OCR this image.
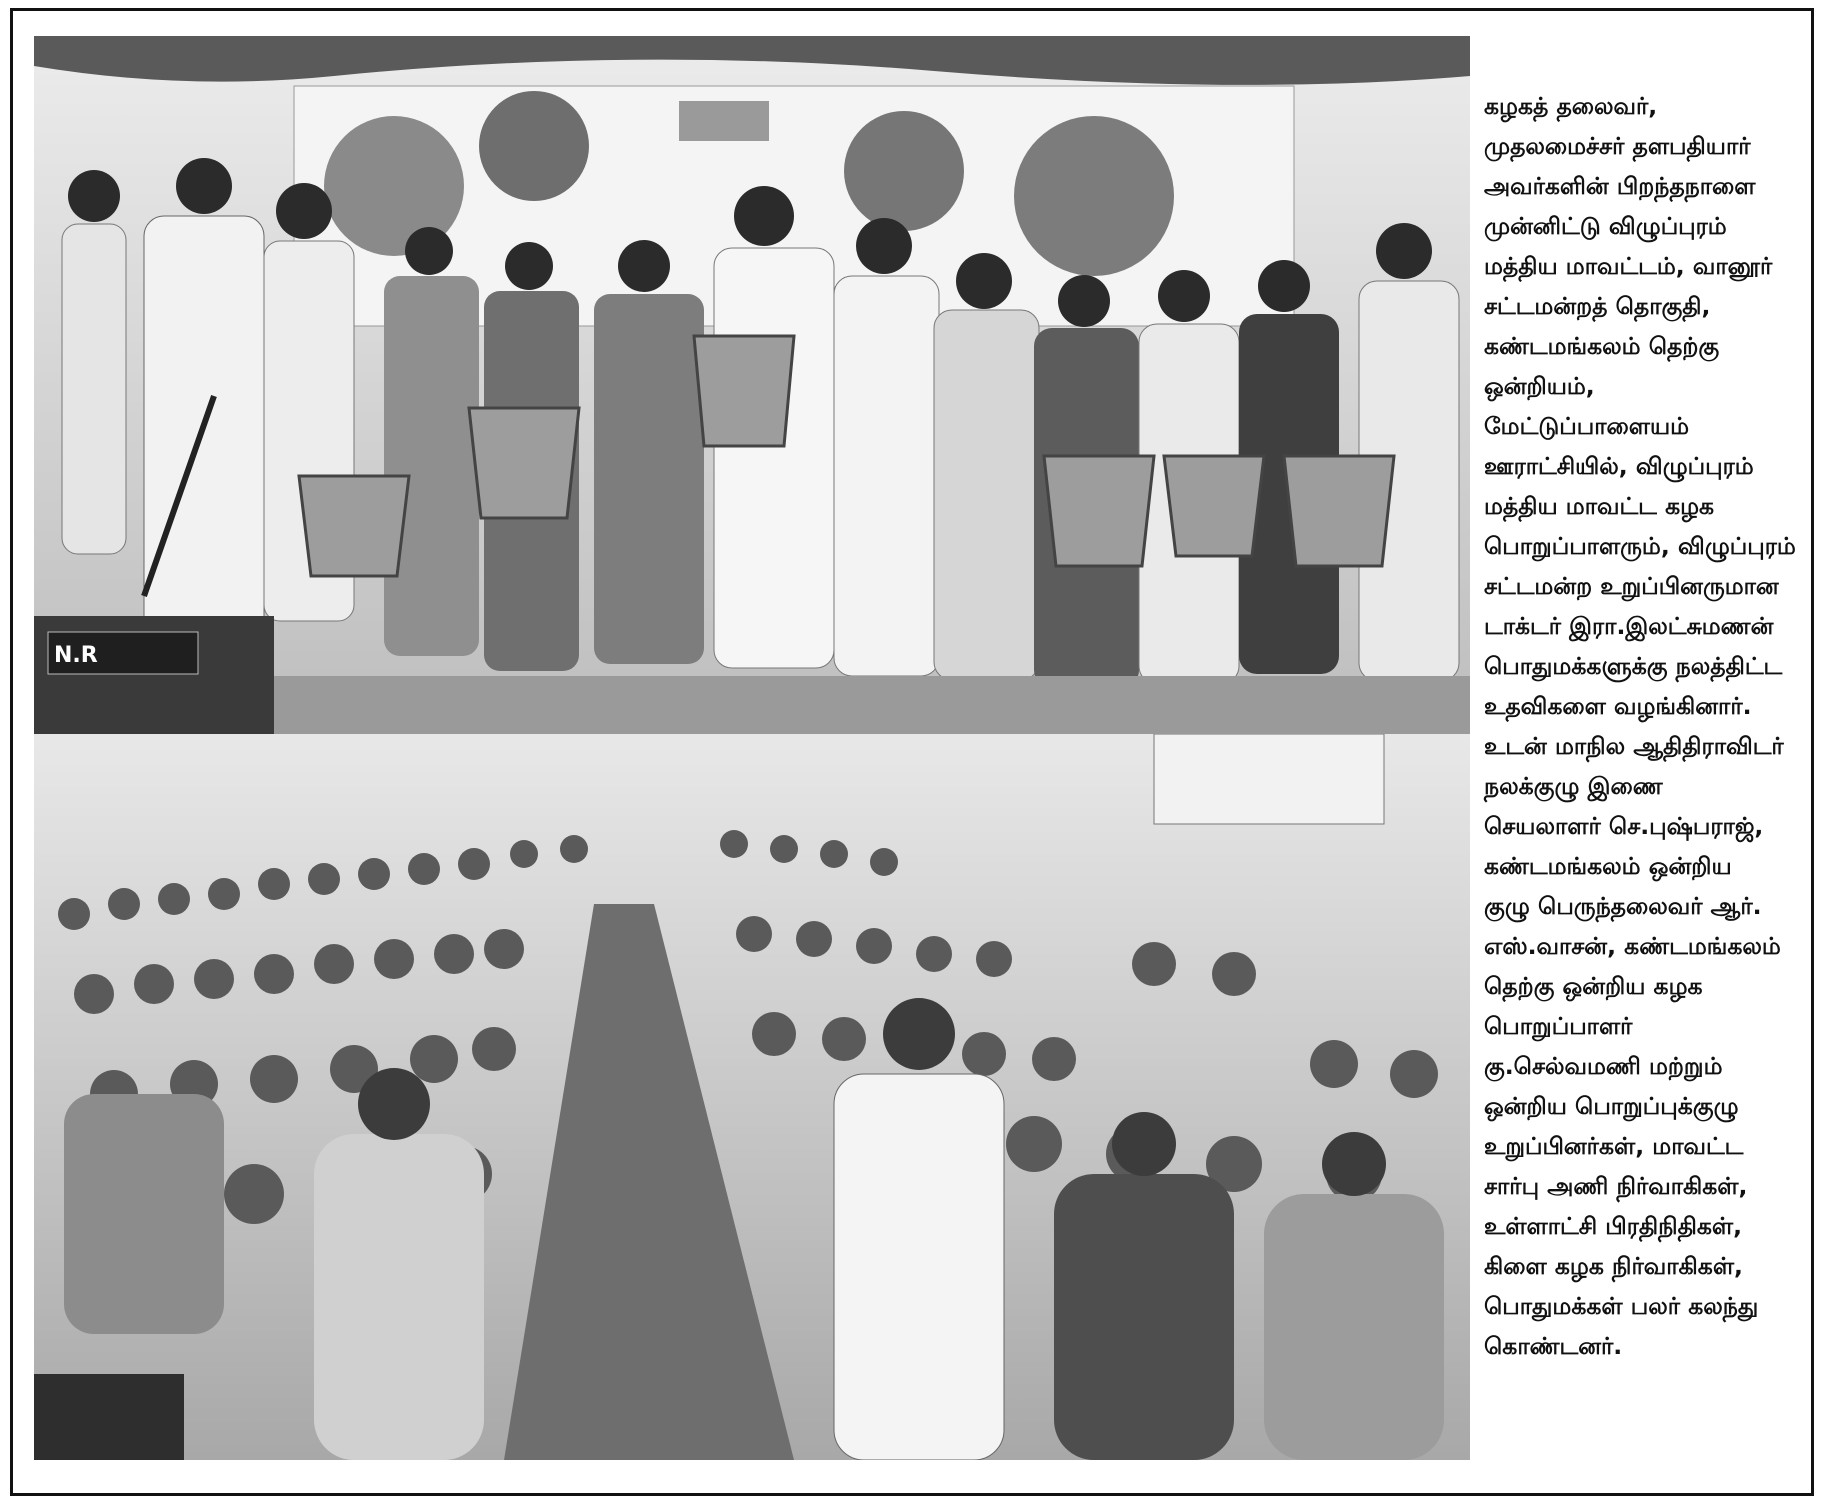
N.R
கழகத் தலைவர்,
முதலமைச்சர் தளபதியார்
அவர்களின் பிறந்தநாளை
முன்னிட்டு விழுப்புரம்
மத்திய மாவட்டம், வானூர்
சட்டமன்றத் தொகுதி,
கண்டமங்கலம் தெற்கு
ஒன்றியம்,
மேட்டுப்பாளையம்
ஊராட்சியில், விழுப்புரம்
மத்திய மாவட்ட கழக
பொறுப்பாளரும், விழுப்புரம்
சட்டமன்ற உறுப்பினருமான
டாக்டர் இரா.இலட்சுமணன்
பொதுமக்களுக்கு நலத்திட்ட
உதவிகளை வழங்கினார்.
உடன் மாநில ஆதிதிராவிடர்
நலக்குழு இணை
செயலாளர் செ.புஷ்பராஜ்,
கண்டமங்கலம் ஒன்றிய
குழு பெருந்தலைவர் ஆர்.
எஸ்.வாசன், கண்டமங்கலம்
தெற்கு ஒன்றிய கழக
பொறுப்பாளர்
கு.செல்வமணி மற்றும்
ஒன்றிய பொறுப்புக்குழு
உறுப்பினர்கள், மாவட்ட
சார்பு அணி நிர்வாகிகள்,
உள்ளாட்சி பிரதிநிதிகள்,
கிளை கழக நிர்வாகிகள்,
பொதுமக்கள் பலர் கலந்து
கொண்டனர்.
